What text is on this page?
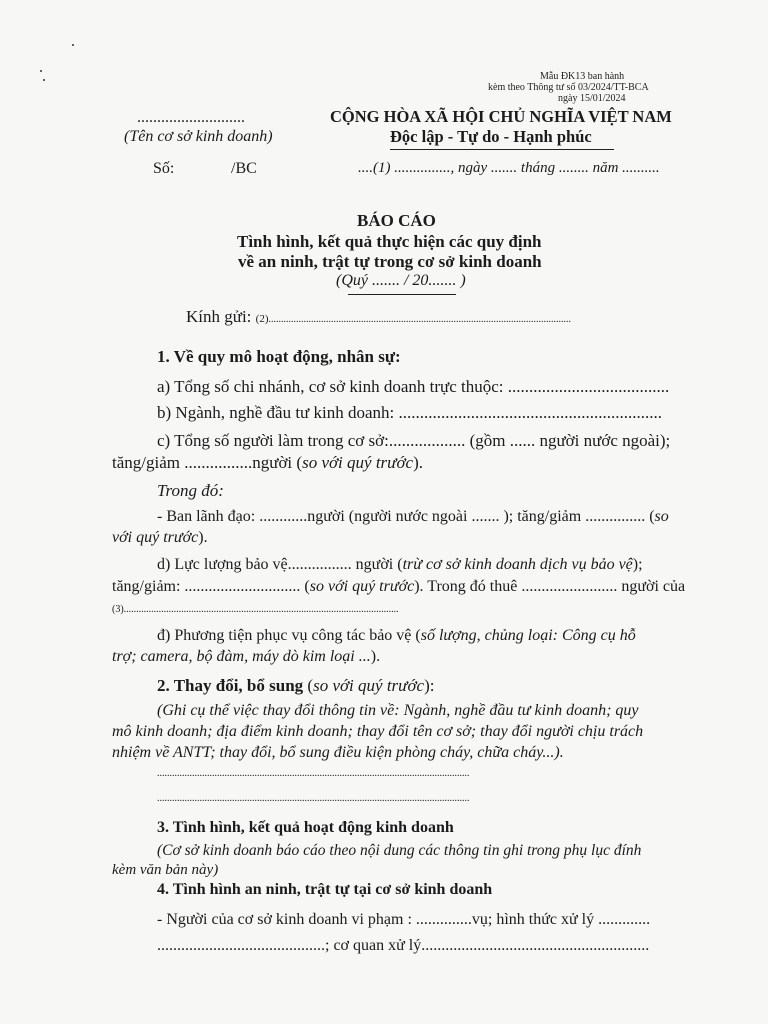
Mẫu ĐK13 ban hành
kèm theo Thông tư số 03/2024/TT-BCA
ngày 15/01/2024
...........................
(Tên cơ sở kinh doanh)
Số:	/BC
CỘNG HÒA XÃ HỘI CHỦ NGHĨA VIỆT NAM
Độc lập - Tự do - Hạnh phúc
....(1) ..............., ngày ....... tháng ........ năm ..........
BÁO CÁO
Tình hình, kết quả thực hiện các quy định
về an ninh, trật tự trong cơ sở kinh doanh
(Quý ....... / 20....... )
Kính gửi: (2).........................................................................................................................
1. Về quy mô hoạt động, nhân sự:
a) Tổng số chi nhánh, cơ sở kinh doanh trực thuộc: ......................................
b) Ngành, nghề đầu tư kinh doanh: ..............................................................
c) Tổng số người làm trong cơ sở:.................. (gồm ...... người nước ngoài);
tăng/giảm ................người (so với quý trước).
Trong đó:
- Ban lãnh đạo: ............người (người nước ngoài ....... ); tăng/giảm ............... (so
với quý trước).
d) Lực lượng bảo vệ................ người (trừ cơ sở kinh doanh dịch vụ bảo vệ);
tăng/giảm: ............................. (so với quý trước). Trong đó thuê ........................ người của
(3)..............................................................................................................
đ) Phương tiện phục vụ công tác bảo vệ (số lượng, chủng loại: Công cụ hỗ
trợ; camera, bộ đàm, máy dò kim loại ...).
2. Thay đổi, bổ sung (so với quý trước):
(Ghi cụ thể việc thay đổi thông tin về: Ngành, nghề đầu tư kinh doanh; quy
mô kinh doanh; địa điểm kinh doanh; thay đổi tên cơ sở; thay đổi người chịu trách
nhiệm về ANTT; thay đổi, bổ sung điều kiện phòng cháy, chữa cháy...).
.............................................................................................................................
.............................................................................................................................
3. Tình hình, kết quả hoạt động kinh doanh
(Cơ sở kinh doanh báo cáo theo nội dung các thông tin ghi trong phụ lục đính
kèm văn bản này)
4. Tình hình an ninh, trật tự tại cơ sở kinh doanh
- Người của cơ sở kinh doanh vi phạm : ..............vụ; hình thức xử lý .............
..........................................; cơ quan xử lý.........................................................
